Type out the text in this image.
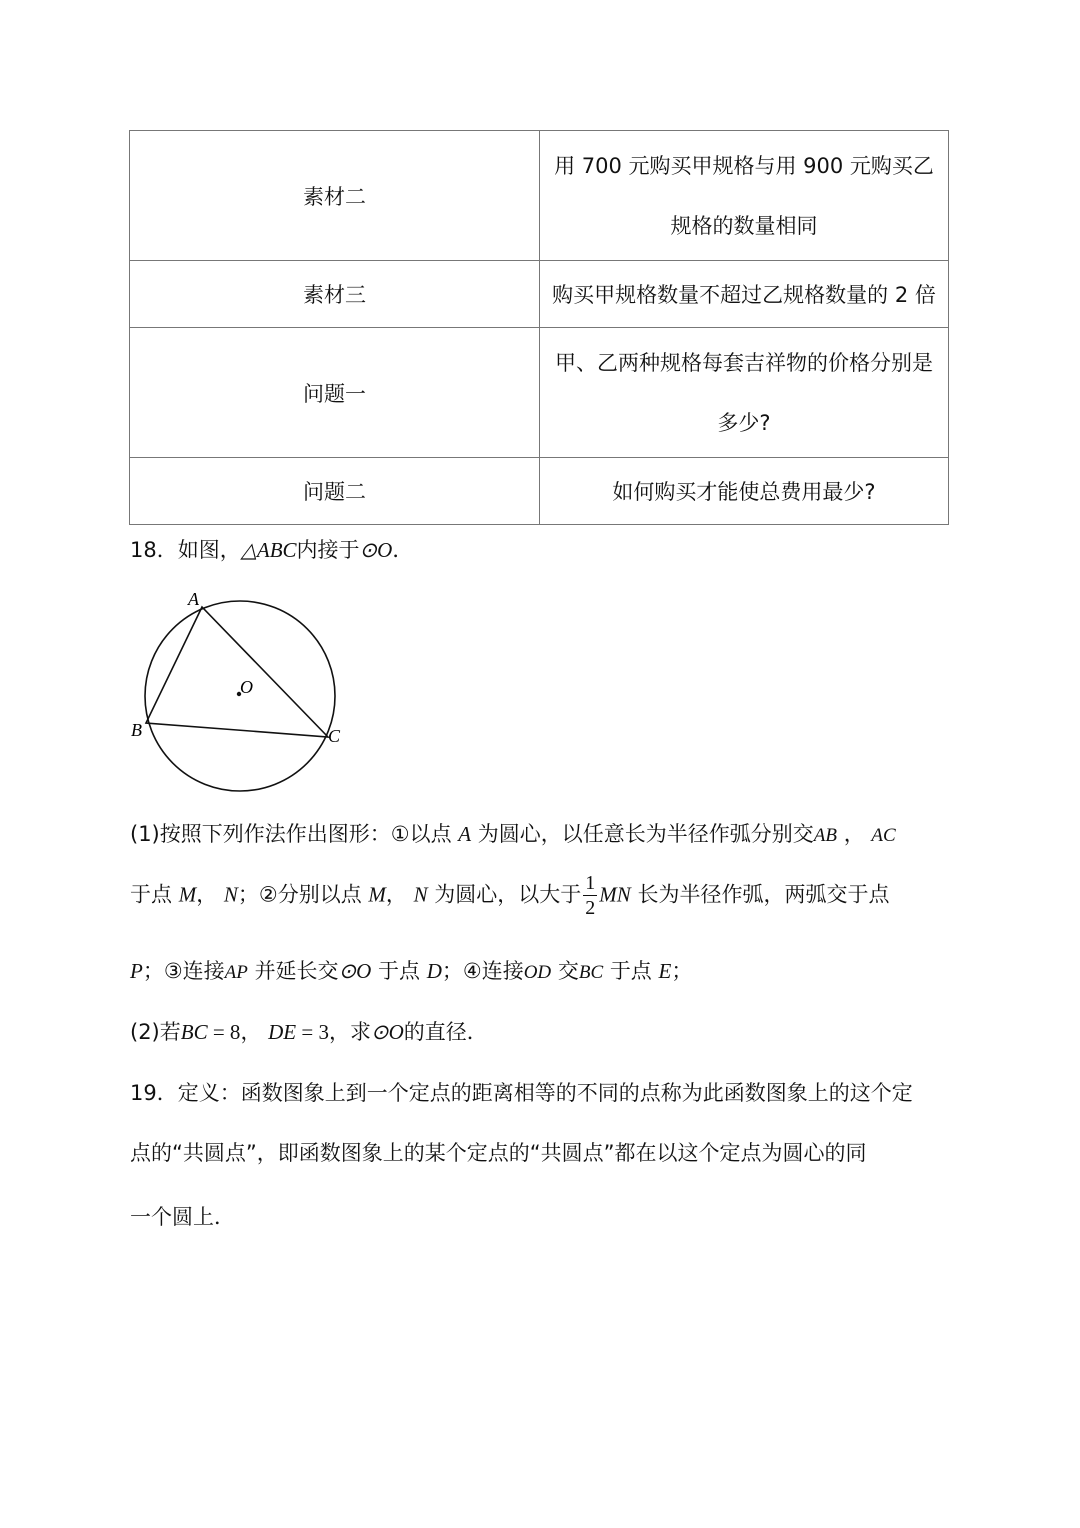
素材二	用 700 元购买甲规格与用 900 元购买乙
规格的数量相同

素材三	购买甲规格数量不超过乙规格数量的 2 倍

问题一	甲、乙两种规格每套吉祥物的价格分别是
多少?

问题二	如何购买才能使总费用最少?
18．如图，△ABC内接于⊙O．
A
O
B	C
(1)按照下列作法作出图形：①以点 A 为圆心，以任意长为半径作弧分别交AB ， AC
于点 M， N；②分别以点 M， N 为圆心，以大于 $\frac{1}{2}$ MN 长为半径作弧，两弧交于点
P；③连接AP 并延长交⊙O 于点 D；④连接OD 交BC 于点 E；
(2)若BC = 8， DE = 3，求⊙O的直径．
19．定义：函数图象上到一个定点的距离相等的不同的点称为此函数图象上的这个定
点的“共圆点”，即函数图象上的某个定点的“共圆点”都在以这个定点为圆心的同
一个圆上．
